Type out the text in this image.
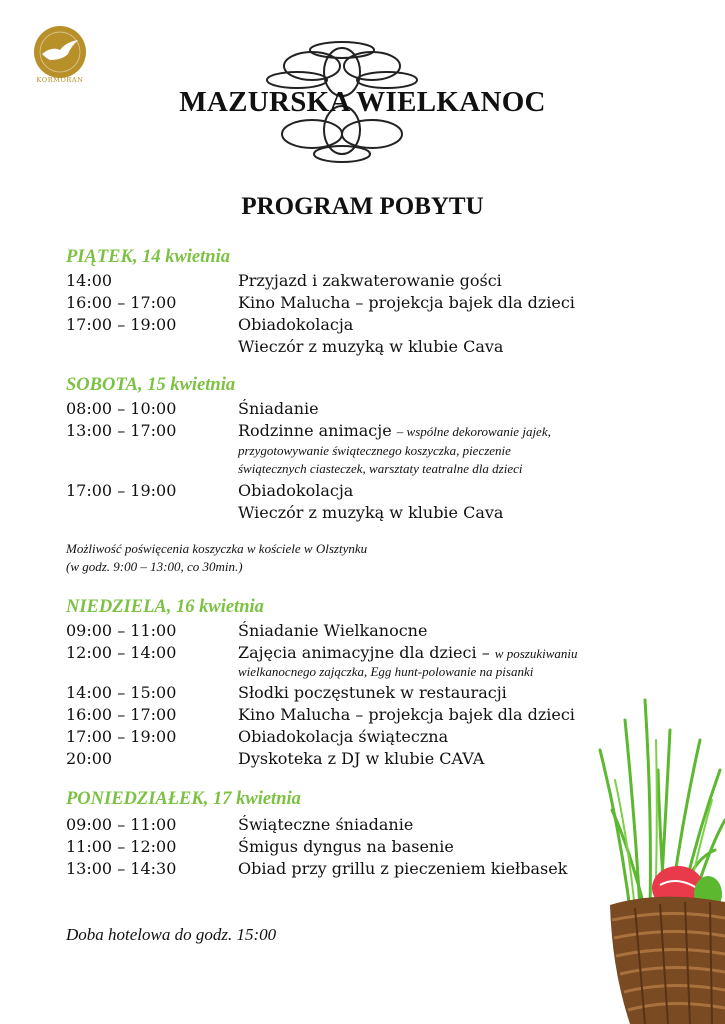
KORMORAN
MAZURSKA WIELKANOC
PROGRAM POBYTU
PIĄTEK, 14 kwietnia
14:00	Przyjazd i zakwaterowanie gości
16:00 – 17:00	Kino Malucha – projekcja bajek dla dzieci
17:00 – 19:00	Obiadokolacja
Wieczór z muzyką w klubie Cava
SOBOTA, 15 kwietnia
08:00 – 10:00	Śniadanie
13:00 – 17:00	Rodzinne animacje – wspólne dekorowanie jajek,
przygotowywanie świątecznego koszyczka, pieczenie
świątecznych ciasteczek, warsztaty teatralne dla dzieci
17:00 – 19:00	Obiadokolacja
Wieczór z muzyką w klubie Cava
Możliwość poświęcenia koszyczka w kościele w Olsztynku
(w godz. 9:00 – 13:00, co 30min.)
NIEDZIELA, 16 kwietnia
09:00 – 11:00	Śniadanie Wielkanocne
12:00 – 14:00	Zajęcia animacyjne dla dzieci – w poszukiwaniu
wielkanocnego zajączka, Egg hunt-polowanie na pisanki
14:00 – 15:00	Słodki poczęstunek w restauracji
16:00 – 17:00	Kino Malucha – projekcja bajek dla dzieci
17:00 – 19:00	Obiadokolacja świąteczna
20:00	Dyskoteka z DJ w klubie CAVA
PONIEDZIAŁEK, 17 kwietnia
09:00 – 11:00	Świąteczne śniadanie
11:00 – 12:00	Śmigus dyngus na basenie
13:00 – 14:30	Obiad przy grillu z pieczeniem kiełbasek
Doba hotelowa do godz. 15:00
